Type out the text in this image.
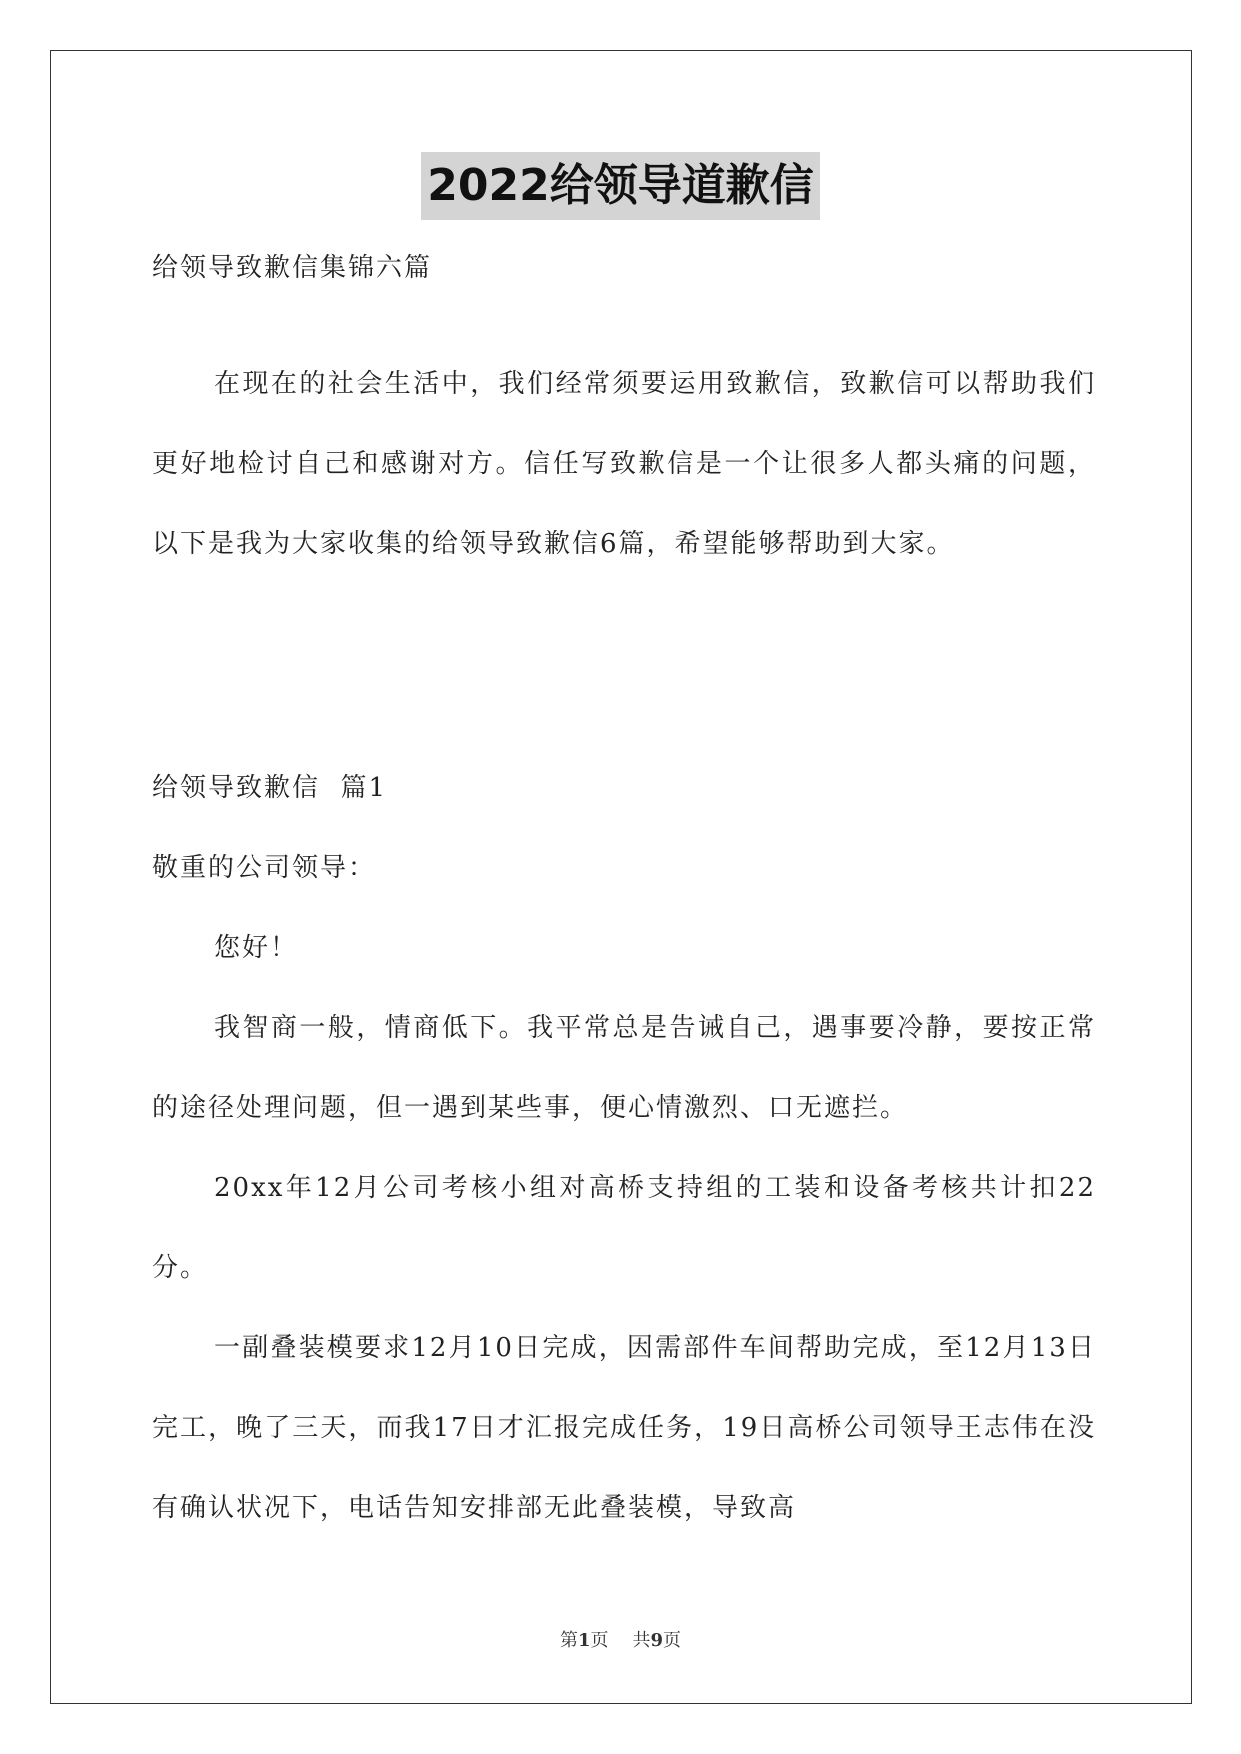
2022给领导道歉信

给领导致歉信集锦六篇

在现在的社会生活中，我们经常须要运用致歉信，致歉信可以帮助我们更好地检讨自己和感谢对方。信任写致歉信是一个让很多人都头痛的问题，以下是我为大家收集的给领导致歉信6篇，希望能够帮助到大家。

给领导致歉信  篇1

敬重的公司领导：

您好！

我智商一般，情商低下。我平常总是告诫自己，遇事要冷静，要按正常的途径处理问题，但一遇到某些事，便心情激烈、口无遮拦。

20xx年12月公司考核小组对高桥支持组的工装和设备考核共计扣22分。

一副叠装模要求12月10日完成，因需部件车间帮助完成，至12月13日完工，晚了三天，而我17日才汇报完成任务，19日高桥公司领导王志伟在没有确认状况下，电话告知安排部无此叠装模，导致高

第1页 共9页
